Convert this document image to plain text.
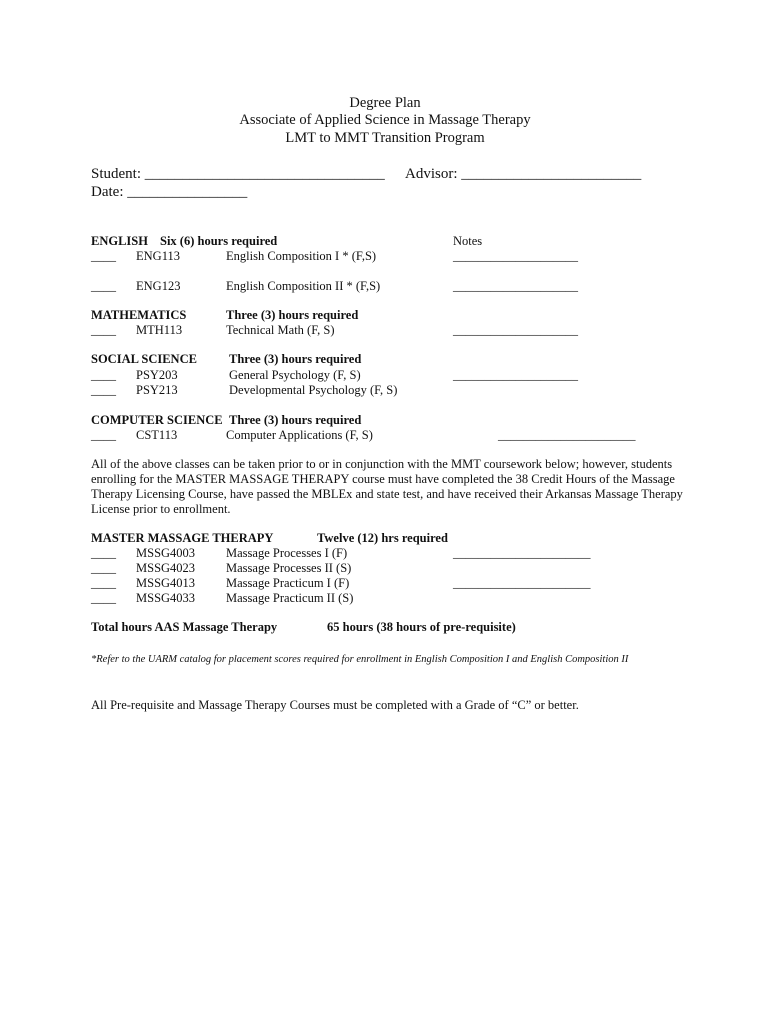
Degree Plan
Associate of Applied Science in Massage Therapy
LMT to MMT Transition Program
Student: ________________________________ Advisor: ________________________
Date: ________________
ENGLISH Six (6) hours required	Notes
____ ENG113	English Composition I * (F,S)	____________________
____ ENG123	English Composition II * (F,S)	____________________
MATHEMATICS	Three (3) hours required
____ MTH113	Technical Math (F, S)	____________________
SOCIAL SCIENCE	Three (3) hours required
____ PSY203	General Psychology (F, S)	____________________
____ PSY213	Developmental Psychology (F, S)
COMPUTER SCIENCE Three (3) hours required
____ CST113	Computer Applications (F, S)	______________________
All of the above classes can be taken prior to or in conjunction with the MMT coursework below; however, students enrolling for the MASTER MASSAGE THERAPY course must have completed the 38 Credit Hours of the Massage Therapy Licensing Course, have passed the MBLEx and state test, and have received their Arkansas Massage Therapy License prior to enrollment.
MASTER MASSAGE THERAPY	Twelve (12) hrs required
____ MSSG4003 Massage Processes I (F)	______________________
____ MSSG4023 Massage Processes II (S)
____ MSSG4013 Massage Practicum I (F)	______________________
____ MSSG4033 Massage Practicum II (S)
Total hours AAS Massage Therapy	65 hours (38 hours of pre-requisite)
*Refer to the UARM catalog for placement scores required for enrollment in English Composition I and English Composition II
All Pre-requisite and Massage Therapy Courses must be completed with a Grade of “C” or better.
